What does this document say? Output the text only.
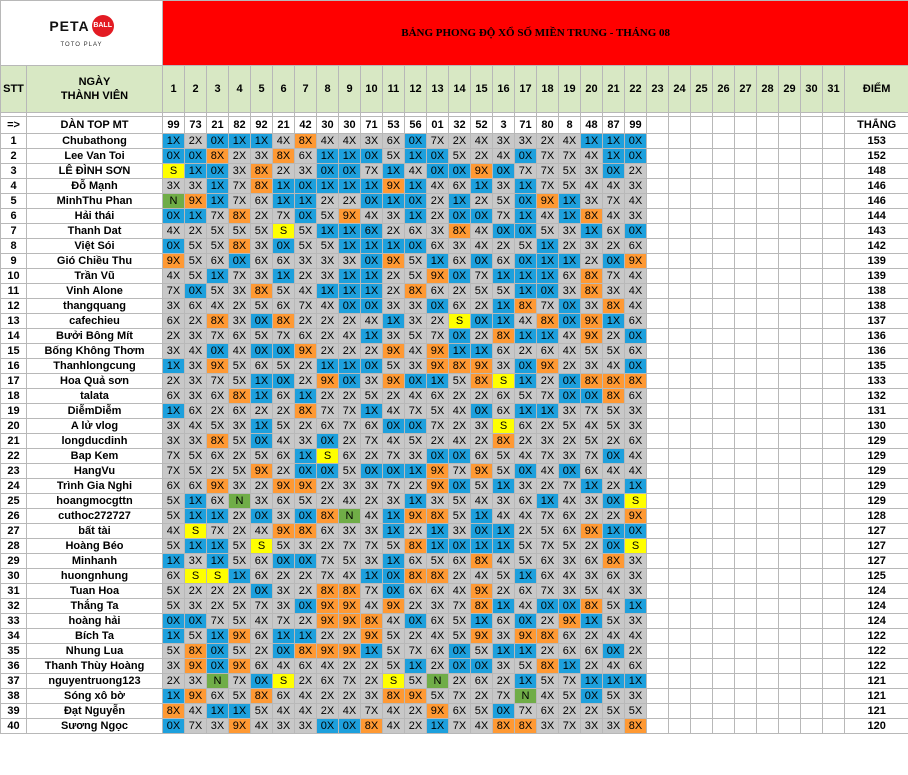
PETA BALL
TOTO PLAY		BẢNG PHONG ĐỘ XỔ SỐ MIỀN TRUNG - THÁNG 08																															
STT	NGÀY
THÀNH VIÊN	1	2	3	4	5	6	7	8	9	10	11	12	13	14	15	16	17	18	19	20	21	22	23	24	25	26	27	28	29	30	31	ĐIỂM

=>	DÀN TOP MT	99	73	21	82	92	21	42	30	30	71	53	56	01	32	52	3	71	80	8	48	87	99										THẮNG
1	Chubathong	1X	2X	0X	1X	1X	4X	8X	4X	4X	3X	6X	0X	7X	2X	4X	3X	3X	2X	4X	1X	1X	0X										153
2	Lee Van Toi	0X	0X	8X	2X	3X	8X	6X	1X	1X	0X	5X	1X	0X	5X	2X	4X	0X	7X	7X	4X	1X	0X										152
3	LÊ ĐÌNH SƠN	S	1X	0X	3X	8X	2X	3X	0X	0X	7X	1X	4X	0X	0X	9X	0X	7X	7X	5X	3X	0X	2X										148
4	Đỗ Mạnh	3X	3X	1X	7X	8X	1X	0X	1X	1X	1X	9X	1X	4X	6X	1X	3X	1X	7X	5X	4X	4X	3X										146
5	MinhThu Phan	N	9X	1X	7X	6X	1X	1X	2X	2X	0X	1X	0X	2X	1X	2X	5X	0X	9X	1X	3X	7X	4X										146
6	Hải thái	0X	1X	7X	8X	2X	7X	0X	5X	9X	4X	3X	1X	2X	0X	0X	7X	1X	4X	1X	8X	4X	3X										144
7	Thanh Dat	4X	2X	5X	5X	5X	S	5X	1X	1X	6X	2X	6X	3X	8X	4X	0X	0X	5X	3X	1X	6X	0X										143
8	Việt Sói	0X	5X	5X	8X	3X	0X	5X	5X	1X	1X	1X	0X	6X	3X	4X	2X	5X	1X	2X	3X	2X	6X										142
9	Gió Chiều Thu	9X	5X	6X	0X	6X	6X	3X	3X	3X	0X	9X	5X	1X	6X	0X	6X	0X	1X	1X	2X	0X	9X										139
10	Trần Vũ	4X	5X	1X	7X	3X	1X	2X	3X	1X	1X	2X	5X	9X	0X	7X	1X	1X	1X	6X	8X	7X	4X										139
11	Vinh Alone	7X	0X	5X	3X	8X	5X	4X	1X	1X	1X	2X	8X	6X	2X	5X	5X	1X	0X	3X	8X	3X	4X										138
12	thangquang	3X	6X	4X	2X	5X	6X	7X	4X	0X	0X	3X	3X	0X	6X	2X	1X	8X	7X	0X	3X	8X	4X										138
13	cafechieu	6X	2X	8X	3X	0X	8X	2X	2X	2X	4X	1X	3X	2X	S	0X	1X	4X	8X	0X	9X	1X	6X										137
14	Bưởi Bông Mít	2X	3X	7X	6X	5X	7X	6X	2X	4X	1X	3X	5X	7X	0X	2X	8X	1X	1X	4X	9X	2X	0X										136
15	Bống Không Thơm	3X	4X	0X	4X	0X	0X	9X	2X	2X	2X	9X	4X	9X	1X	1X	6X	2X	6X	4X	5X	5X	6X										136
16	Thanhlongcung	1X	3X	9X	5X	6X	5X	2X	1X	1X	0X	5X	3X	9X	8X	9X	3X	0X	9X	2X	3X	4X	0X										135
17	Hoa Quả sơn	2X	3X	7X	5X	1X	0X	2X	9X	0X	3X	9X	0X	1X	5X	8X	S	1X	2X	0X	8X	8X	8X										133
18	talata	6X	3X	6X	8X	1X	6X	1X	2X	2X	5X	2X	4X	6X	2X	2X	6X	5X	7X	0X	0X	8X	6X										132
19	DiễmDiễm	1X	6X	2X	6X	2X	2X	8X	7X	7X	1X	4X	7X	5X	4X	0X	6X	1X	1X	3X	7X	5X	3X										131
20	A lử vlog	3X	4X	5X	3X	1X	5X	2X	6X	7X	6X	0X	0X	7X	2X	3X	S	6X	2X	5X	4X	5X	3X										130
21	longducdinh	3X	3X	8X	5X	0X	4X	3X	0X	2X	7X	4X	5X	2X	4X	2X	8X	2X	3X	2X	5X	2X	6X										129
22	Bap Kem	7X	5X	6X	2X	5X	6X	1X	S	6X	2X	7X	3X	0X	0X	6X	5X	4X	7X	3X	7X	0X	4X										129
23	HangVu	7X	5X	2X	5X	9X	2X	0X	0X	5X	0X	0X	1X	9X	7X	9X	5X	0X	4X	0X	6X	4X	4X										129
24	Trình Gia Nghi	6X	6X	9X	3X	2X	9X	9X	2X	3X	3X	7X	2X	9X	0X	5X	1X	3X	2X	7X	1X	2X	1X										129
25	hoangmocgttn	5X	1X	6X	N	3X	6X	5X	2X	4X	2X	3X	1X	3X	5X	4X	3X	6X	1X	4X	3X	0X	S										129
26	cuthoc272727	5X	1X	1X	2X	0X	3X	0X	8X	N	4X	1X	9X	8X	5X	1X	4X	4X	7X	6X	2X	2X	9X										128
27	bất tài	4X	S	7X	2X	4X	9X	8X	6X	3X	3X	1X	2X	1X	3X	0X	1X	2X	5X	6X	9X	1X	0X										127
28	Hoàng Béo	5X	1X	1X	5X	S	5X	3X	2X	7X	7X	5X	8X	1X	0X	1X	1X	5X	7X	5X	2X	0X	S										127
29	Minhanh	1X	3X	1X	5X	6X	0X	0X	7X	5X	3X	1X	6X	5X	6X	8X	4X	5X	6X	3X	6X	8X	3X										127
30	huongnhung	6X	S	S	1X	6X	2X	2X	7X	4X	1X	0X	8X	8X	2X	4X	5X	1X	6X	4X	3X	6X	3X										125
31	Tuan Hoa	5X	2X	2X	2X	0X	3X	2X	8X	8X	7X	0X	6X	6X	4X	9X	2X	6X	7X	3X	5X	4X	3X										124
32	Thắng Ta	5X	3X	2X	5X	7X	3X	0X	9X	9X	4X	9X	2X	3X	7X	8X	1X	4X	0X	0X	8X	5X	1X										124
33	hoàng hải	0X	0X	7X	5X	4X	7X	2X	9X	9X	8X	4X	0X	6X	5X	1X	6X	0X	2X	9X	1X	5X	3X										124
34	Bích Ta	1X	5X	1X	9X	6X	1X	1X	2X	2X	9X	5X	2X	4X	5X	9X	3X	9X	8X	6X	2X	4X	4X										122
35	Nhung Lua	5X	8X	0X	5X	2X	0X	8X	9X	9X	1X	5X	7X	6X	0X	5X	1X	1X	2X	6X	6X	0X	2X										122
36	Thanh Thùy Hoàng	3X	9X	0X	9X	6X	4X	6X	4X	2X	2X	5X	1X	2X	0X	0X	3X	5X	8X	1X	2X	4X	6X										122
37	nguyentruong123	2X	3X	N	7X	0X	S	2X	6X	7X	2X	S	5X	N	2X	6X	2X	1X	5X	7X	1X	1X	1X										121
38	Sóng xô bờ	1X	9X	6X	5X	8X	6X	4X	2X	2X	3X	8X	9X	5X	7X	2X	7X	N	4X	5X	0X	5X	3X										121
39	Đạt Nguyễn	8X	4X	1X	1X	5X	4X	4X	2X	4X	7X	4X	2X	9X	6X	5X	0X	7X	6X	2X	2X	5X	5X										121
40	Sương Ngọc	0X	7X	3X	9X	4X	3X	3X	0X	0X	8X	4X	2X	1X	7X	4X	8X	8X	3X	7X	3X	3X	8X										120
